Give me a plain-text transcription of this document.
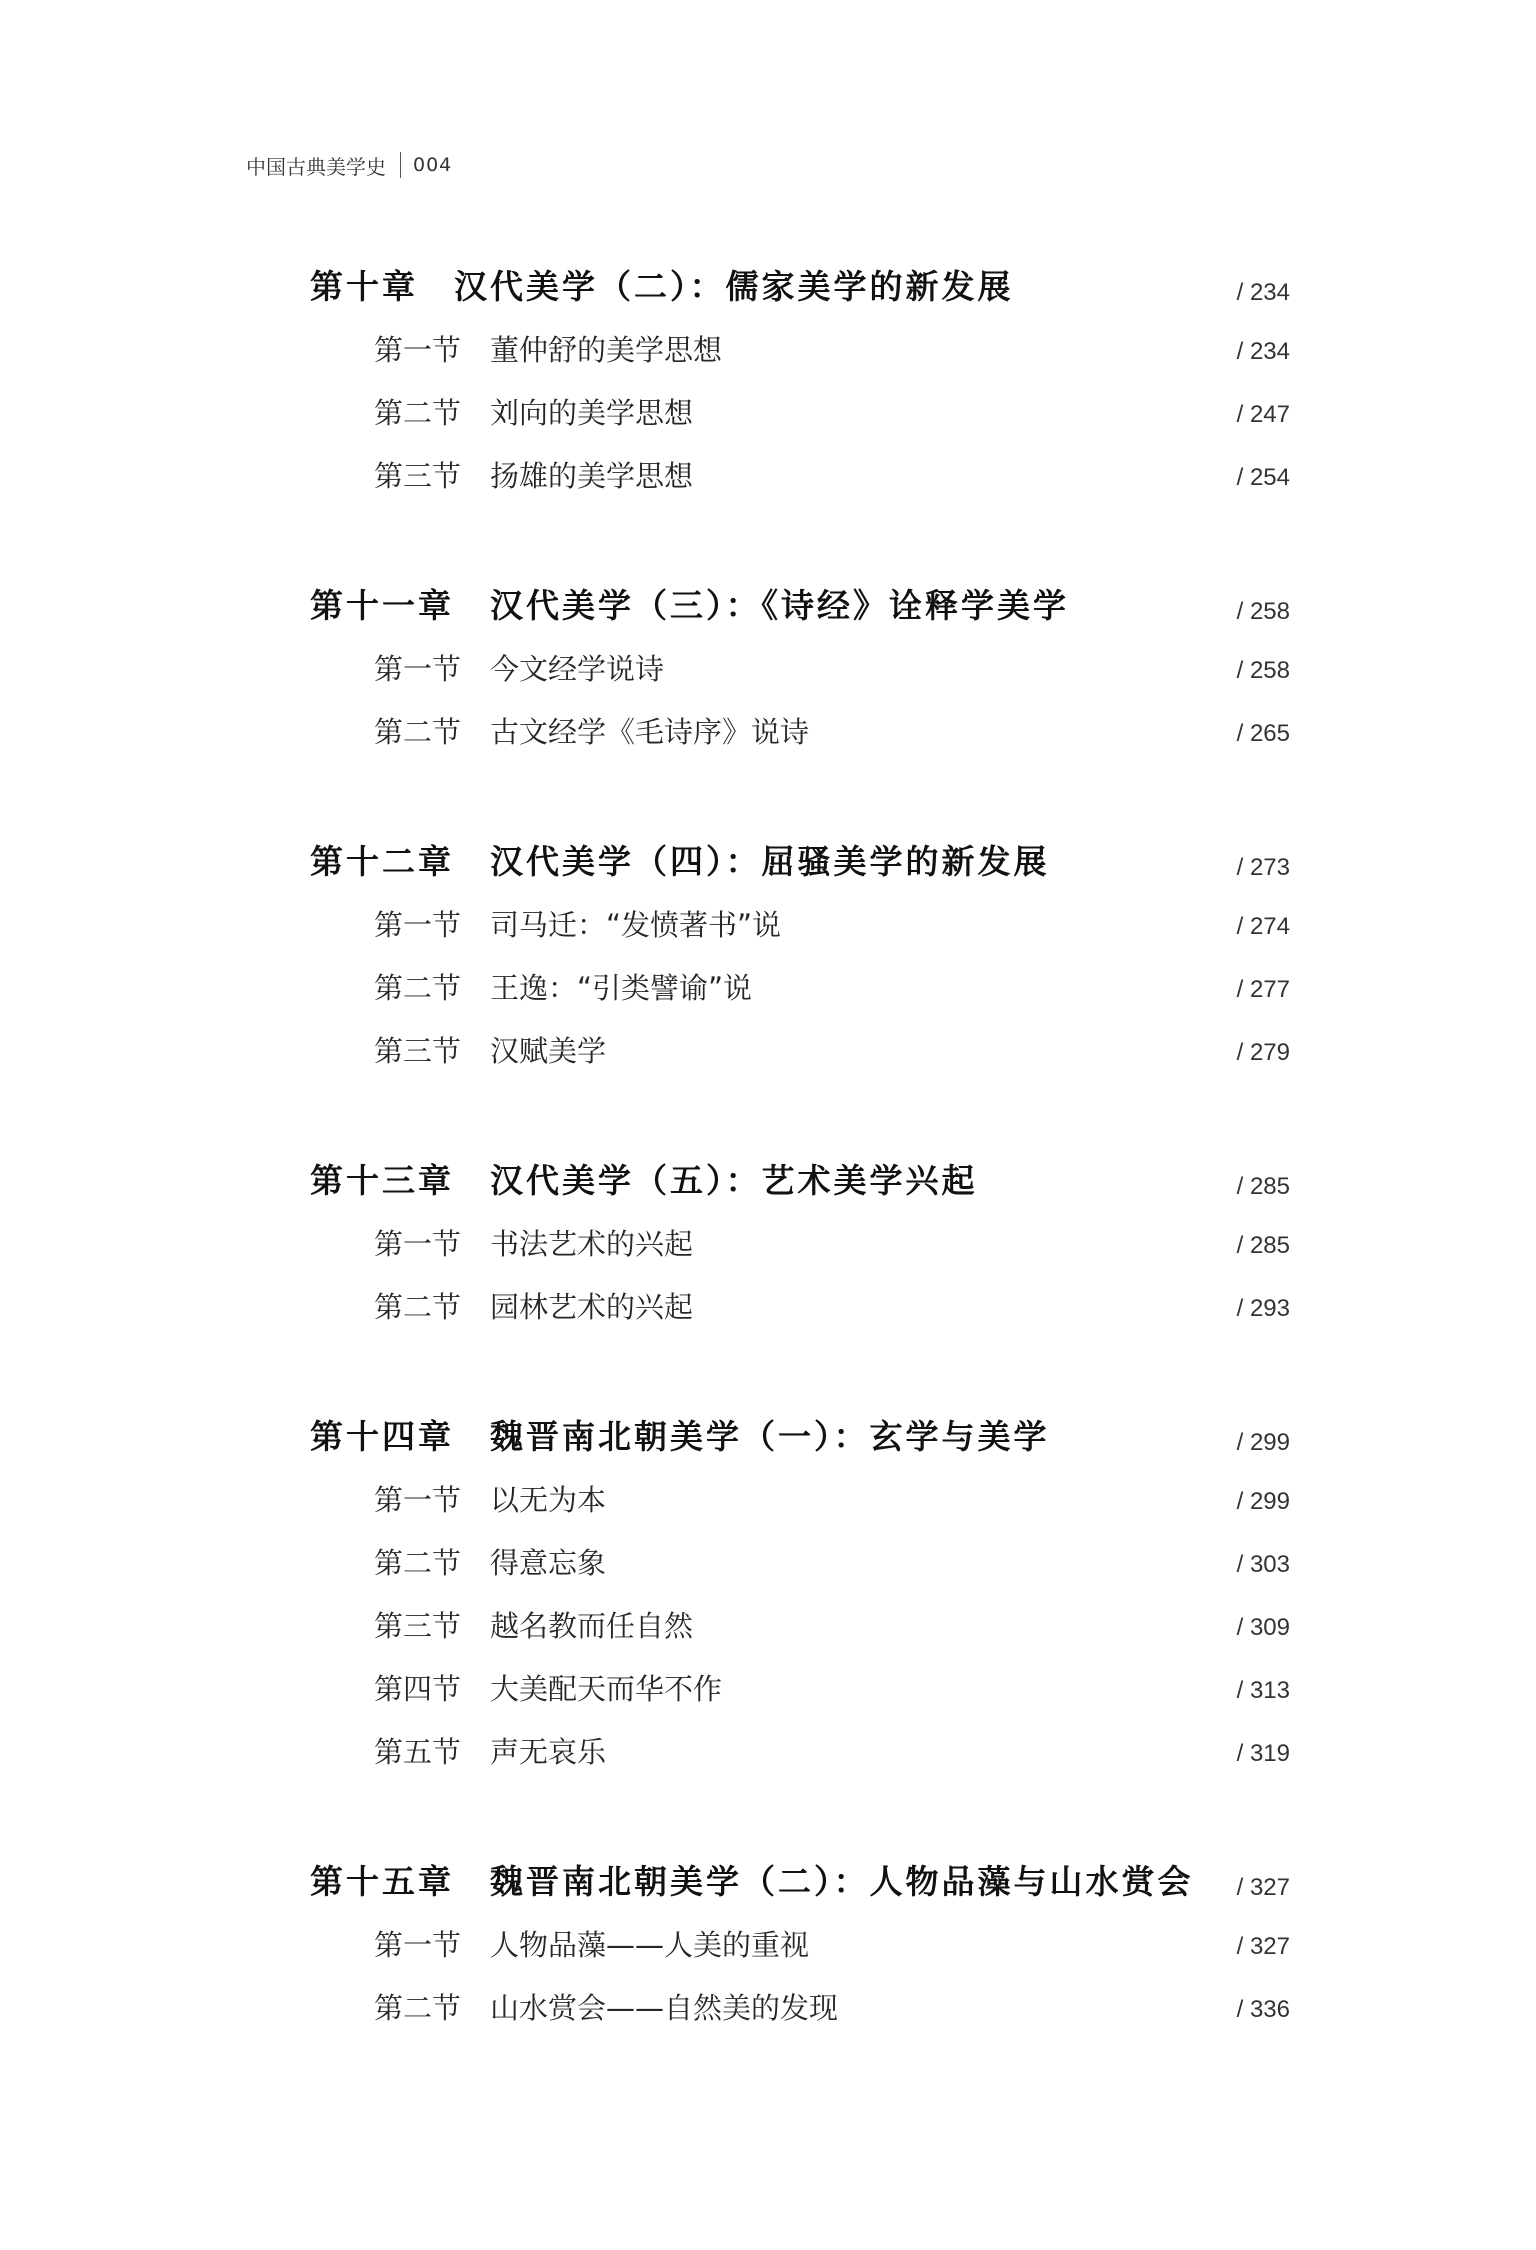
中国古典美学史 004
第十章　汉代美学（二）：儒家美学的新发展	/ 234
第一节　董仲舒的美学思想	/ 234
第二节　刘向的美学思想	/ 247
第三节　扬雄的美学思想	/ 254
第十一章　汉代美学（三）：《诗经》诠释学美学	/ 258
第一节　今文经学说诗	/ 258
第二节　古文经学《毛诗序》说诗	/ 265
第十二章　汉代美学（四）：屈骚美学的新发展	/ 273
第一节　司马迁：“发愤著书”说	/ 274
第二节　王逸：“引类譬谕”说	/ 277
第三节　汉赋美学	/ 279
第十三章　汉代美学（五）：艺术美学兴起	/ 285
第一节　书法艺术的兴起	/ 285
第二节　园林艺术的兴起	/ 293
第十四章　魏晋南北朝美学（一）：玄学与美学	/ 299
第一节　以无为本	/ 299
第二节　得意忘象	/ 303
第三节　越名教而任自然	/ 309
第四节　大美配天而华不作	/ 313
第五节　声无哀乐	/ 319
第十五章　魏晋南北朝美学（二）：人物品藻与山水赏会	/ 327
第一节　人物品藻——人美的重视	/ 327
第二节　山水赏会——自然美的发现	/ 336
